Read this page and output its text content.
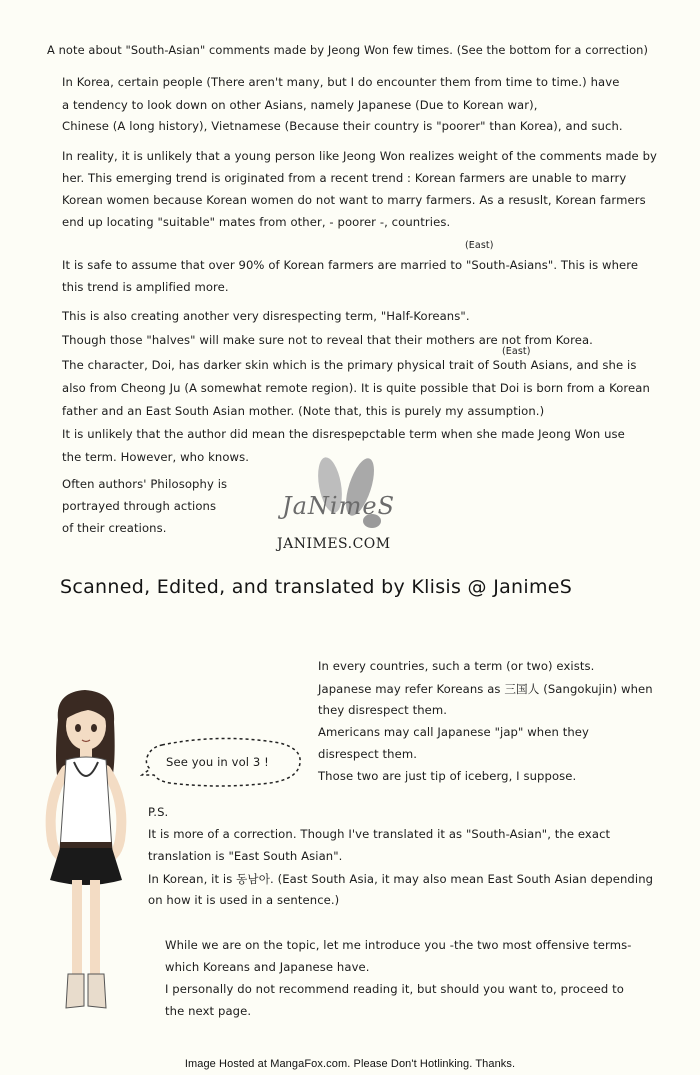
A note about "South-Asian" comments made by Jeong Won few times. (See the bottom for a correction)
In Korea, certain people (There aren't many, but I do encounter them from time to time.) have
a tendency to look down on other Asians, namely Japanese (Due to Korean war),
Chinese (A long history), Vietnamese (Because their country is "poorer" than Korea), and such.
In reality, it is unlikely that a young person like Jeong Won realizes weight of the comments made by
her. This emerging trend is originated from a recent trend : Korean farmers are unable to marry
Korean women because Korean women do not want to marry farmers. As a resuslt, Korean farmers
end up locating "suitable" mates from other, - poorer -, countries.
(East)
It is safe to assume that over 90% of Korean farmers are married to "South-Asians". This is where
this trend is amplified more.
This is also creating another very disrespecting term, "Half-Koreans".
Though those "halves" will make sure not to reveal that their mothers are not from Korea.
(East)
The character, Doi, has darker skin which is the primary physical trait of South Asians, and she is
also from Cheong Ju (A somewhat remote region). It is quite possible that Doi is born from a Korean
father and an East South Asian mother. (Note that, this is purely my assumption.)
It is unlikely that the author did mean the disrespepctable term when she made Jeong Won use
the term. However, who knows.
Often authors' Philosophy is
portrayed through actions
of their creations.
JaNimeS
JANIMES.COM
Scanned, Edited, and translated by Klisis @ JanimeS
In every countries, such a term (or two) exists.
Japanese may refer Koreans as 三国人 (Sangokujin) when
they disrespect them.
Americans may call Japanese "jap" when they
disrespect them.
Those two are just tip of iceberg, I suppose.
See you in vol 3 !
P.S.
It is more of a correction. Though I've translated it as "South-Asian", the exact
translation is "East South Asian".
In Korean, it is 동남아. (East South Asia, it may also mean East South Asian depending
on how it is used in a sentence.)
While we are on the topic, let me introduce you -the two most offensive terms-
which Koreans and Japanese have.
I personally do not recommend reading it, but should you want to, proceed to
the next page.
Image Hosted at MangaFox.com. Please Don't Hotlinking. Thanks.
